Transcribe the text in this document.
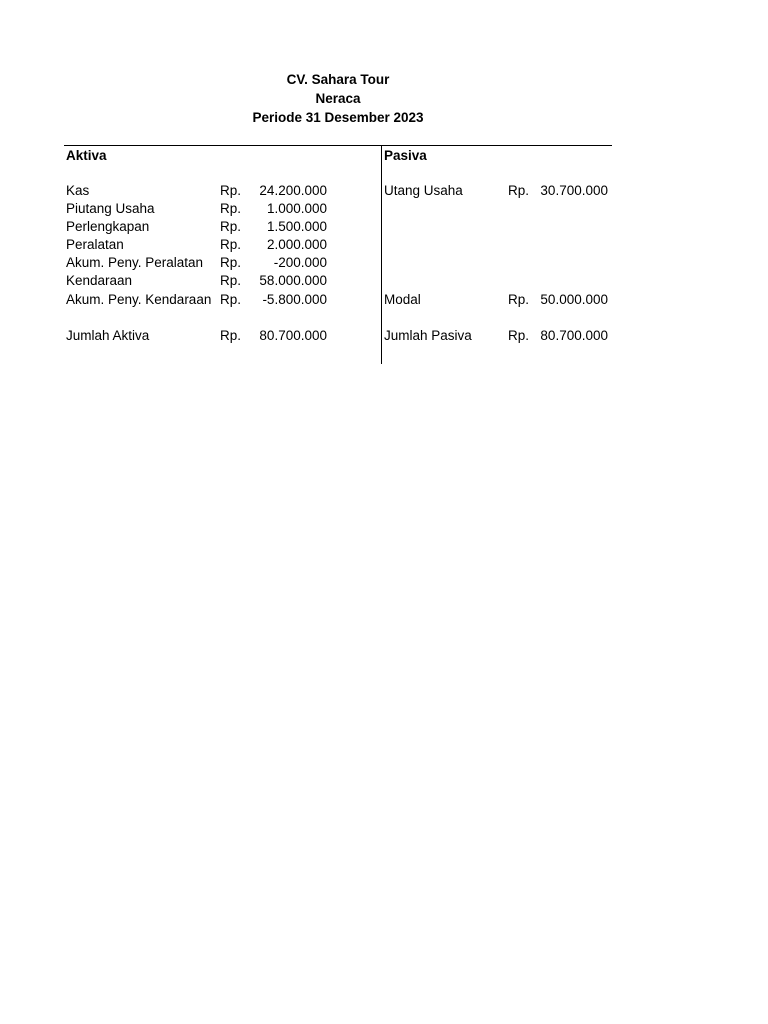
CV. Sahara Tour
Neraca
Periode 31 Desember 2023
Aktiva
Kas	Rp.	24.200.000
Piutang Usaha	Rp.	1.000.000
Perlengkapan	Rp.	1.500.000
Peralatan	Rp.	2.000.000
Akum. Peny. Peralatan Rp.	-200.000
Kendaraan	Rp.	58.000.000
Akum. Peny. Kendaraan Rp.	-5.800.000
Jumlah Aktiva	Rp.	80.700.000
Pasiva
Utang Usaha	Rp. 30.700.000
Modal	Rp. 50.000.000
Jumlah Pasiva	Rp. 80.700.000
